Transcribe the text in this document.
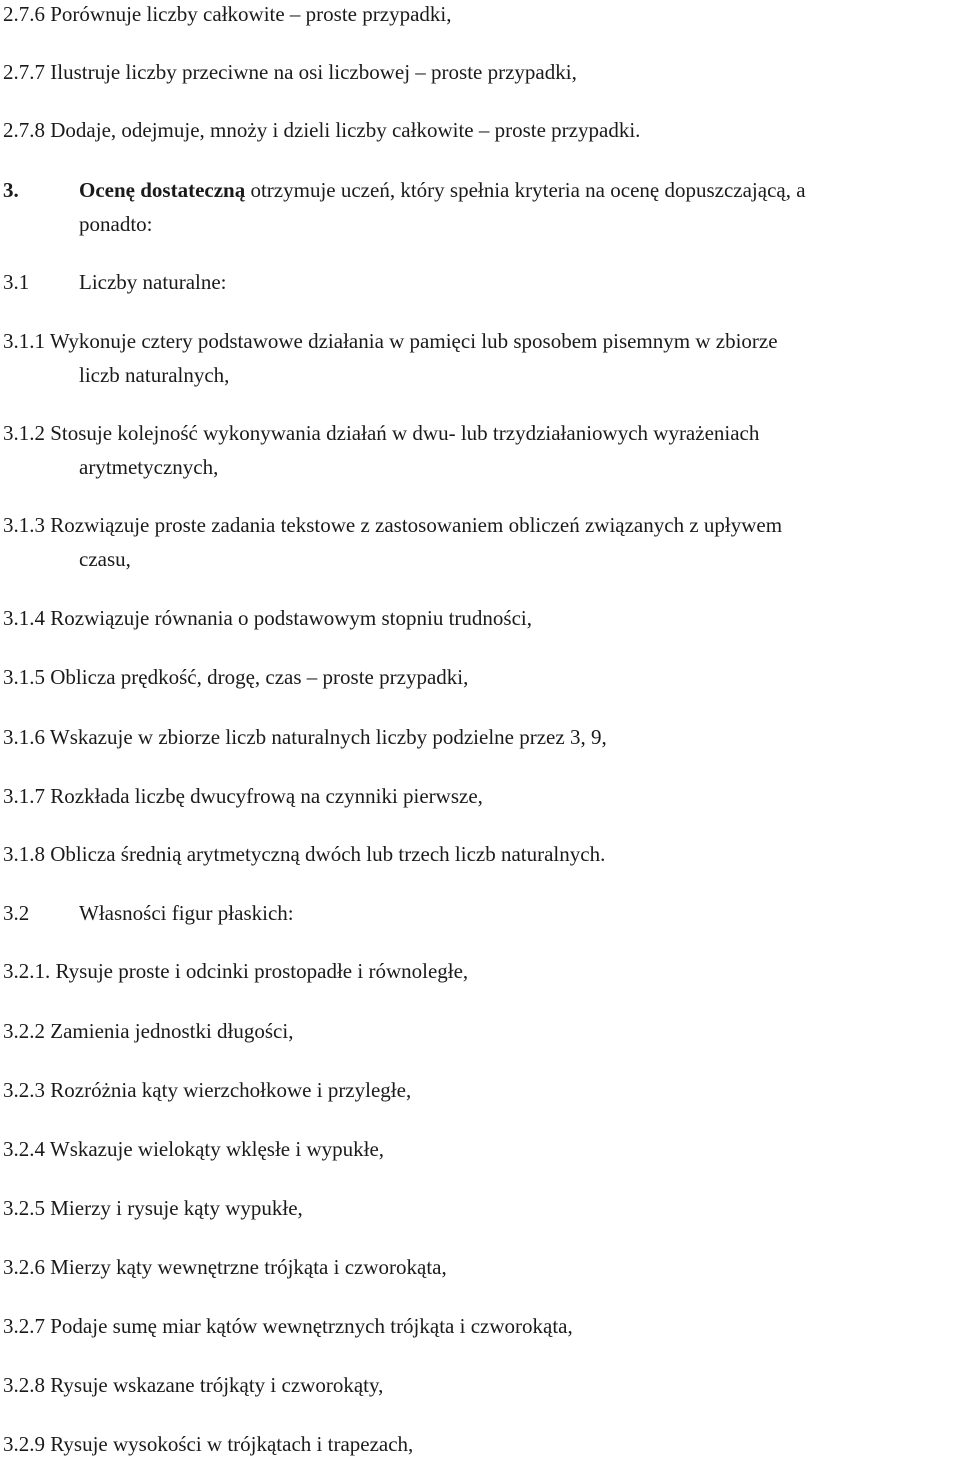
2.7.6 Porównuje liczby całkowite – proste przypadki,
2.7.7 Ilustruje liczby przeciwne na osi liczbowej – proste przypadki,
2.7.8 Dodaje, odejmuje, mnoży i dzieli liczby całkowite – proste przypadki.
3.	Ocenę dostateczną otrzymuje uczeń, który spełnia kryteria na ocenę dopuszczającą, a
ponadto:
3.1 Liczby naturalne:
3.1.1 Wykonuje cztery podstawowe działania w pamięci lub sposobem pisemnym w zbiorze
liczb naturalnych,
3.1.2 Stosuje kolejność wykonywania działań w dwu- lub trzydziałaniowych wyrażeniach
arytmetycznych,
3.1.3 Rozwiązuje proste zadania tekstowe z zastosowaniem obliczeń związanych z upływem
czasu,
3.1.4 Rozwiązuje równania o podstawowym stopniu trudności,
3.1.5 Oblicza prędkość, drogę, czas – proste przypadki,
3.1.6 Wskazuje w zbiorze liczb naturalnych liczby podzielne przez 3, 9,
3.1.7 Rozkłada liczbę dwucyfrową na czynniki pierwsze,
3.1.8 Oblicza średnią arytmetyczną dwóch lub trzech liczb naturalnych.
3.2 Własności figur płaskich:
3.2.1. Rysuje proste i odcinki prostopadłe i równoległe,
3.2.2 Zamienia jednostki długości,
3.2.3 Rozróżnia kąty wierzchołkowe i przyległe,
3.2.4 Wskazuje wielokąty wklęsłe i wypukłe,
3.2.5 Mierzy i rysuje kąty wypukłe,
3.2.6 Mierzy kąty wewnętrzne trójkąta i czworokąta,
3.2.7 Podaje sumę miar kątów wewnętrznych trójkąta i czworokąta,
3.2.8 Rysuje wskazane trójkąty i czworokąty,
3.2.9 Rysuje wysokości w trójkątach i trapezach,
